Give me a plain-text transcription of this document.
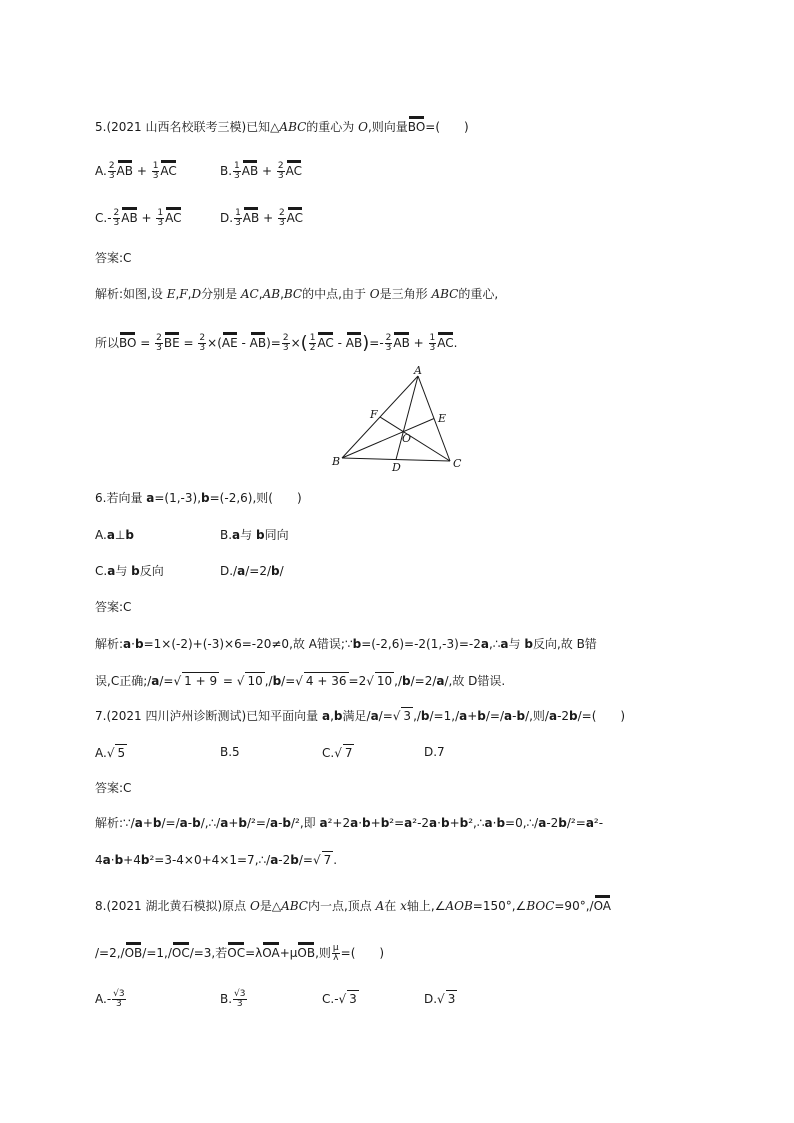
5.(2021 山西名校联考三模)已知△ABC的重心为 O,则向量BO=(　　)
A. $\frac{2}{3}$ AB + $\frac{1}{3}$ AC	B. $\frac{1}{3}$ AB + $\frac{2}{3}$ AC
$C.- \frac{2}{3}$ AB + $\frac{1}{3}$ AC	D. $\frac{1}{3}$ AB + $\frac{2}{3}$ AC
答案:C
解析:如图,设 E,F,D分别是 AC,AB,BC的中点,由于 O是三角形 ABC的重心,
所以BO = $\frac{2}{3}$ BE = $\frac{2}{3} \times(AE - AB)= \frac{2}{3}$ ×( $\frac{1}{2}$ AC - $AB)=- \frac{2}{3}$ AB + $\frac{1}{3}$ AC.
A
F	E
O
B	D	C
6.若向量 a=(1,-3),b=(-2,6),则(　　)
A.a⊥b	B.a与 b同向
C.a与 b反向	D./a/=2/b/
答案:C
解析:a·b=1×(-2)+(-3)×6=-20≠0,故 A错误;∵b=(-2,6)=-2(1,-3)=-2a,∴a与 b反向,故 B错
误,C正确;/a/=√ 1 + 9 = √ 10 ,/b/=√ 4 + 36 =2√ 10 ,/b/=2/a/,故 D错误.
7.(2021 四川泸州诊断测试)已知平面向量 a,b满足/a/=√ 3 ,/b/=1,/a+b/=/a-b/,则/a-2b/=(　　)
A.√ 5	B.5	C.√ 7	D.7
答案:C
解析:∵/a+b/=/a-b/,∴/a+b/²=/a-b/²,即 a²+2a·b+b²=a²-2a·b+b²,∴a·b=0,∴/a-2b/²=a²-
4a·b+4b²=3-4×0+4×1=7,∴/a-2b/=√ 7 .
8.(2021 湖北黄石模拟)原点 O是△ABC内一点,顶点 A在 x轴上,∠AOB=150°,∠BOC=90°,/OA
/=2,/OB/=1,/OC/=3,若OC=λOA+μOB,则 $\frac{\mu}{\lambda}$ =(　　)
$A.- \frac{√3}{3}$	B. $\frac{√3}{3}$	C.-√ 3	D.√ 3
